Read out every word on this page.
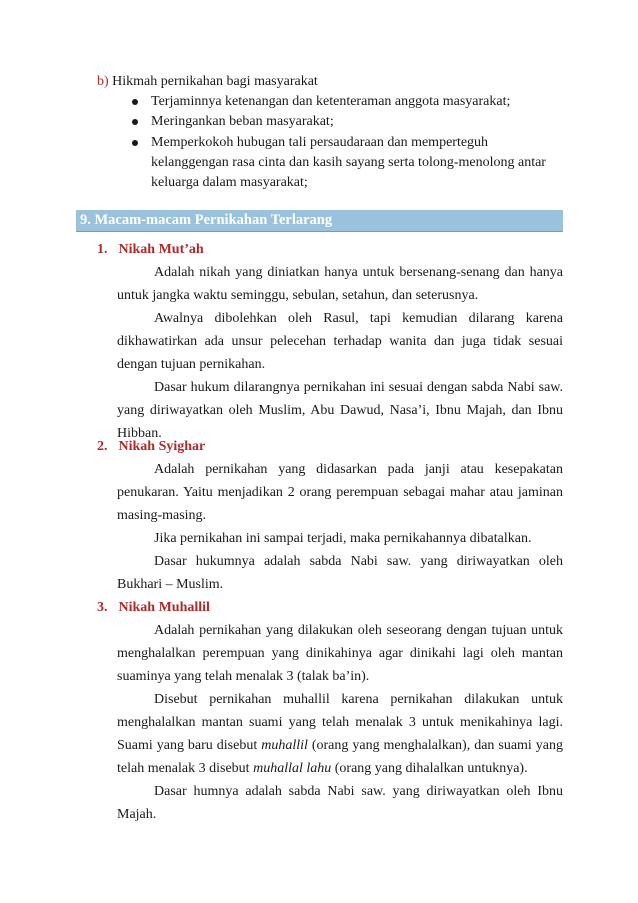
b) Hikmah pernikahan bagi masyarakat
Terjaminnya ketenangan dan ketenteraman anggota masyarakat;
Meringankan beban masyarakat;
Memperkokoh hubugan tali persaudaraan dan memperteguh kelanggengan rasa cinta dan kasih sayang serta tolong-menolong antar keluarga dalam masyarakat;
9. Macam-macam Pernikahan Terlarang
1. Nikah Mut’ah

Adalah nikah yang diniatkan hanya untuk bersenang-senang dan hanya untuk jangka waktu seminggu, sebulan, setahun, dan seterusnya.

Awalnya dibolehkan oleh Rasul, tapi kemudian dilarang karena dikhawatirkan ada unsur pelecehan terhadap wanita dan juga tidak sesuai dengan tujuan pernikahan.

Dasar hukum dilarangnya pernikahan ini sesuai dengan sabda Nabi saw. yang diriwayatkan oleh Muslim, Abu Dawud, Nasa’i, Ibnu Majah, dan Ibnu Hibban.

2. Nikah Syighar

Adalah pernikahan yang didasarkan pada janji atau kesepakatan penukaran. Yaitu menjadikan 2 orang perempuan sebagai mahar atau jaminan masing-masing.

Jika pernikahan ini sampai terjadi, maka pernikahannya dibatalkan.

Dasar hukumnya adalah sabda Nabi saw. yang diriwayatkan oleh Bukhari – Muslim.

3. Nikah Muhallil

Adalah pernikahan yang dilakukan oleh seseorang dengan tujuan untuk menghalalkan perempuan yang dinikahinya agar dinikahi lagi oleh mantan suaminya yang telah menalak 3 (talak ba’in).

Disebut pernikahan muhallil karena pernikahan dilakukan untuk menghalalkan mantan suami yang telah menalak 3 untuk menikahinya lagi. Suami yang baru disebut muhallil (orang yang menghalalkan), dan suami yang telah menalak 3 disebut muhallal lahu (orang yang dihalalkan untuknya).

Dasar humnya adalah sabda Nabi saw. yang diriwayatkan oleh Ibnu Majah.
